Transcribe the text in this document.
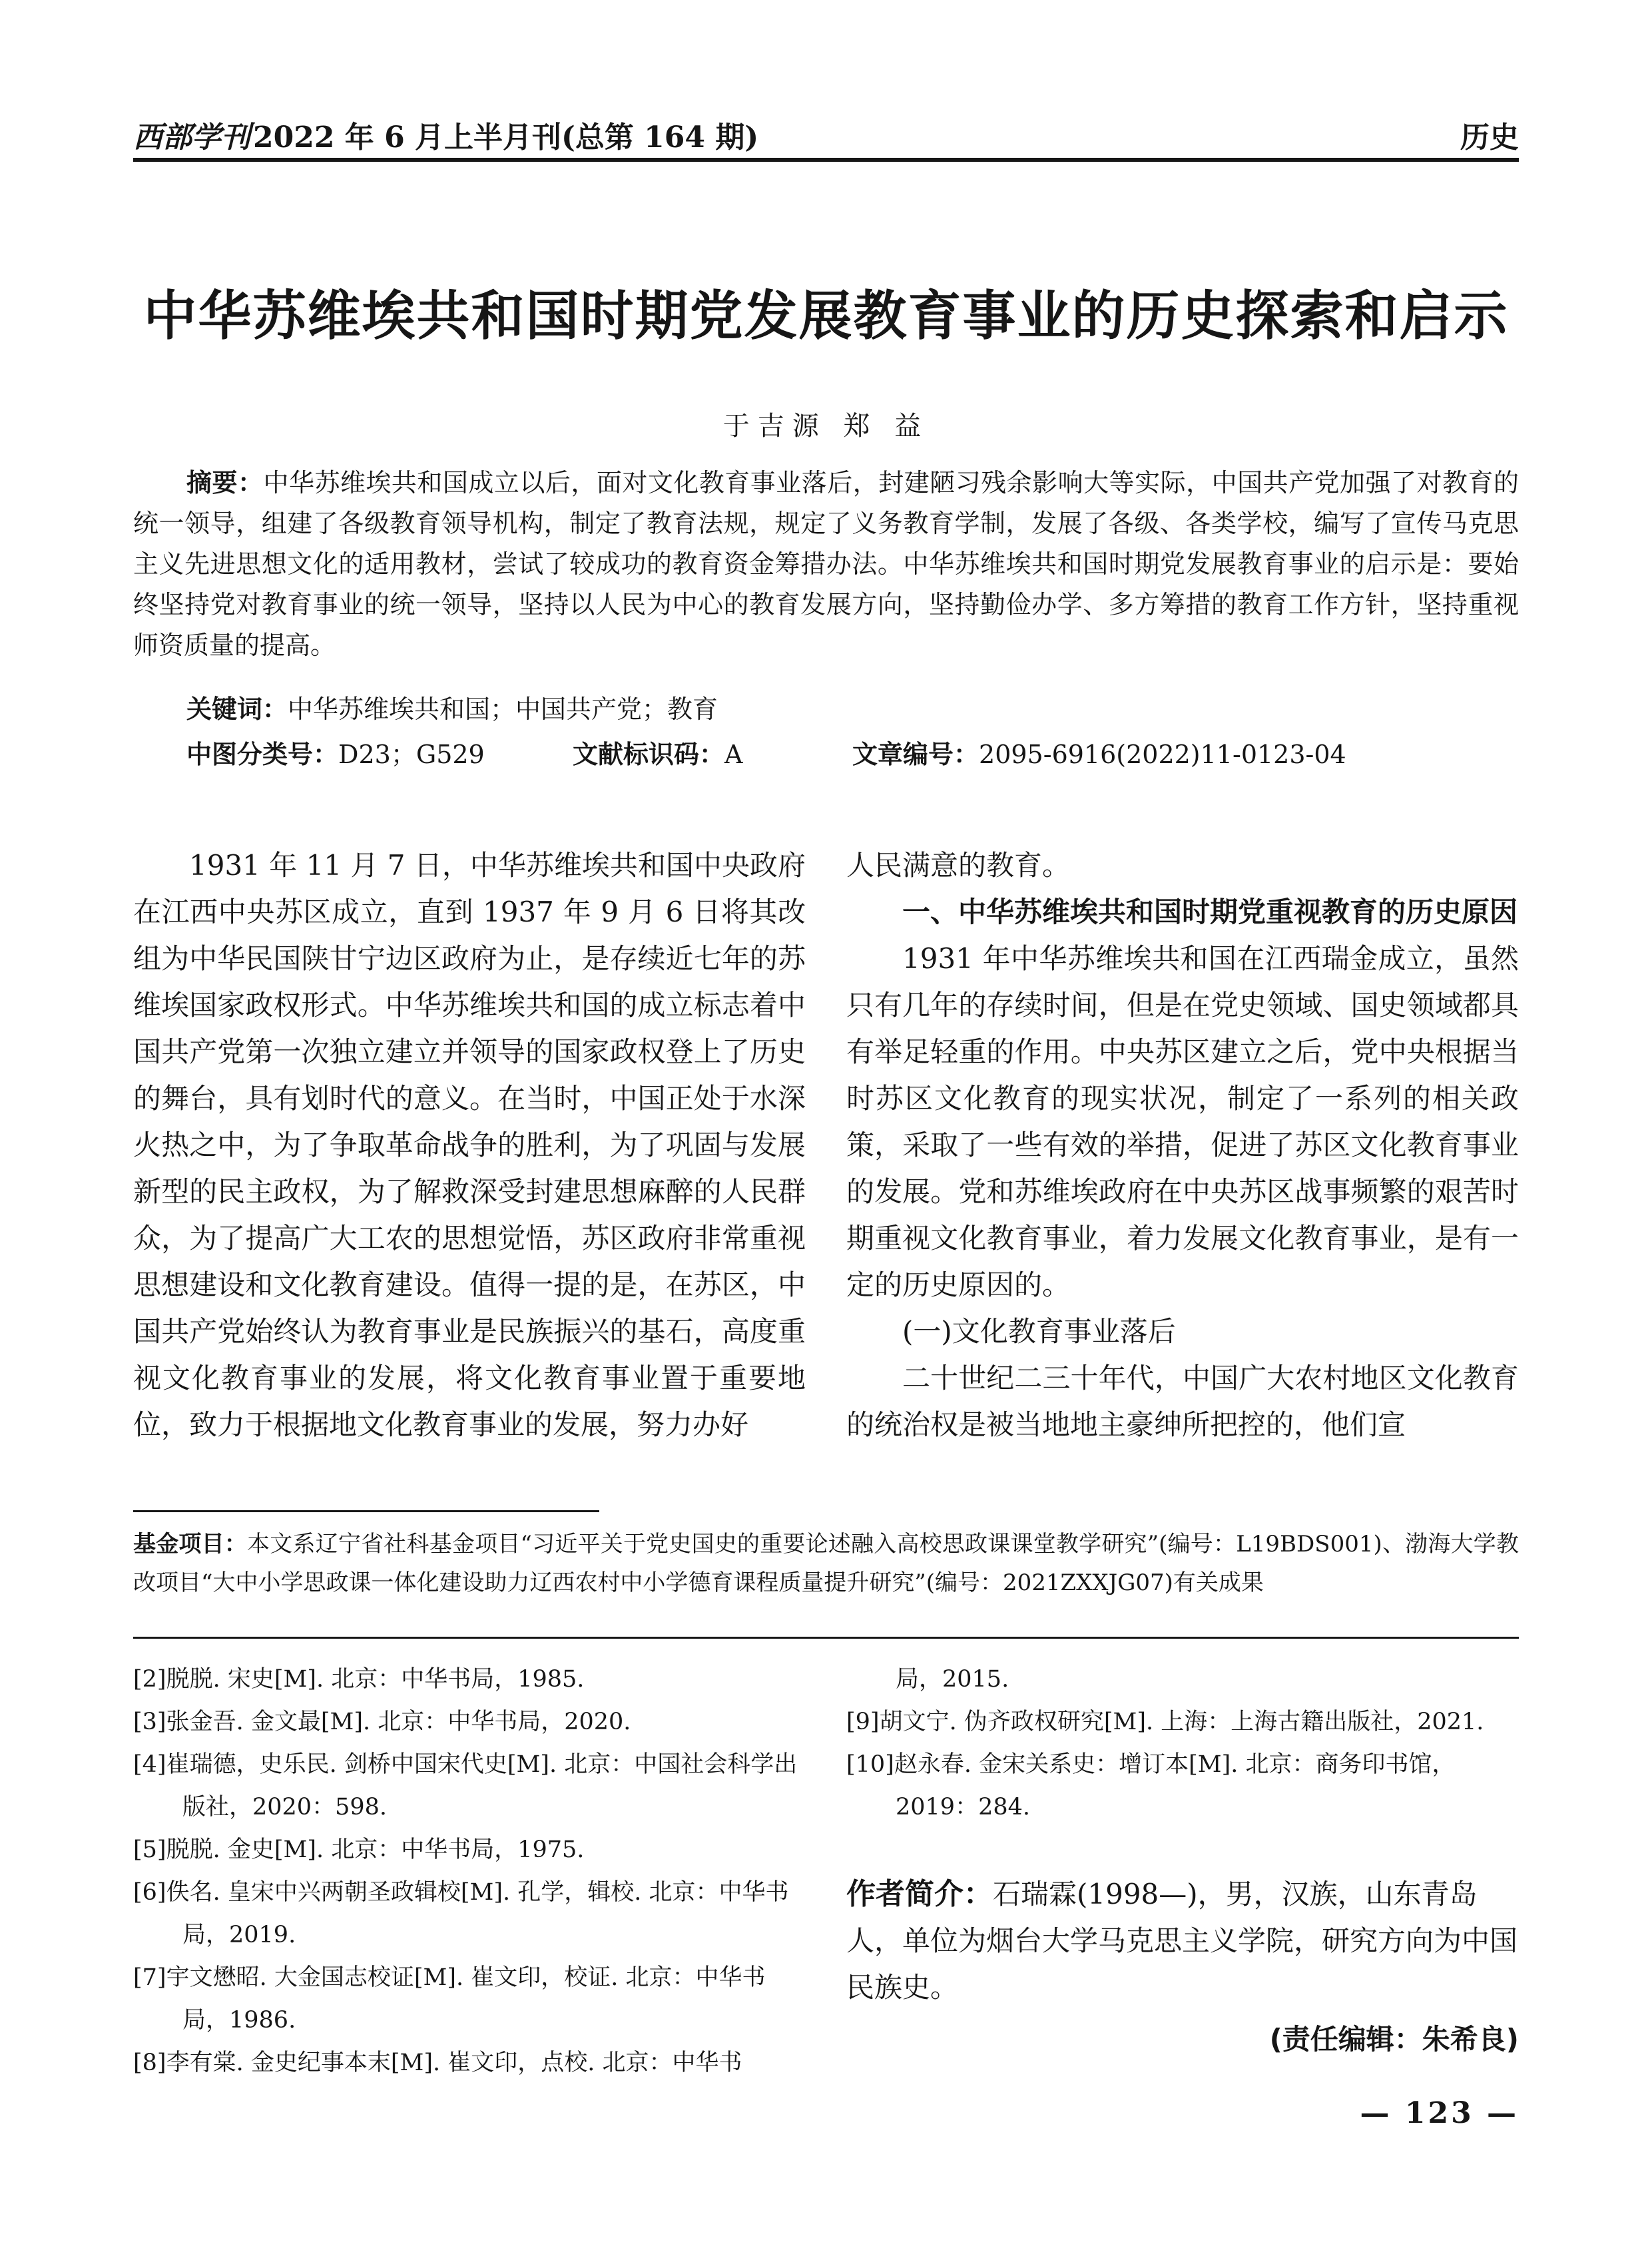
西部学刊2022 年 6 月上半月刊(总第 164 期)	历史
中华苏维埃共和国时期党发展教育事业的历史探索和启示
于吉源 郑 益

摘要：中华苏维埃共和国成立以后，面对文化教育事业落后，封建陋习残余影响大等实际，中国共产党加强了对教育的统一领导，组建了各级教育领导机构，制定了教育法规，规定了义务教育学制，发展了各级、各类学校，编写了宣传马克思主义先进思想文化的适用教材，尝试了较成功的教育资金筹措办法。中华苏维埃共和国时期党发展教育事业的启示是：要始终坚持党对教育事业的统一领导，坚持以人民为中心的教育发展方向，坚持勤俭办学、多方筹措的教育工作方针，坚持重视师资质量的提高。

关键词：中华苏维埃共和国；中国共产党；教育
中图分类号：D23；G529	文献标识码：A	文章编号：2095-6916(2022)11-0123-04

1931 年 11 月 7 日，中华苏维埃共和国中央政府在江西中央苏区成立，直到 1937 年 9 月 6 日将其改组为中华民国陕甘宁边区政府为止，是存续近七年的苏维埃国家政权形式。中华苏维埃共和国的成立标志着中国共产党第一次独立建立并领导的国家政权登上了历史的舞台，具有划时代的意义。在当时，中国正处于水深火热之中，为了争取革命战争的胜利，为了巩固与发展新型的民主政权，为了解救深受封建思想麻醉的人民群众，为了提高广大工农的思想觉悟，苏区政府非常重视思想建设和文化教育建设。值得一提的是，在苏区，中国共产党始终认为教育事业是民族振兴的基石，高度重视文化教育事业的发展，将文化教育事业置于重要地位，致力于根据地文化教育事业的发展，努力办好

人民满意的教育。

一、中华苏维埃共和国时期党重视教育的历史原因

1931 年中华苏维埃共和国在江西瑞金成立，虽然只有几年的存续时间，但是在党史领域、国史领域都具有举足轻重的作用。中央苏区建立之后，党中央根据当时苏区文化教育的现实状况，制定了一系列的相关政策，采取了一些有效的举措，促进了苏区文化教育事业的发展。党和苏维埃政府在中央苏区战事频繁的艰苦时期重视文化教育事业，着力发展文化教育事业，是有一定的历史原因的。

(一)文化教育事业落后

二十世纪二三十年代，中国广大农村地区文化教育的统治权是被当地地主豪绅所把控的，他们宣

基金项目：本文系辽宁省社科基金项目“习近平关于党史国史的重要论述融入高校思政课课堂教学研究”(编号：L19BDS001)、渤海大学教改项目“大中小学思政课一体化建设助力辽西农村中小学德育课程质量提升研究”(编号：2021ZXXJG07)有关成果

[2]脱脱. 宋史[M]. 北京：中华书局，1985.

[3]张金吾. 金文最[M]. 北京：中华书局，2020.

[4]崔瑞德，史乐民. 剑桥中国宋代史[M]. 北京：中国社会科学出版社，2020：598.

[5]脱脱. 金史[M]. 北京：中华书局，1975.

[6]佚名. 皇宋中兴两朝圣政辑校[M]. 孔学，辑校. 北京：中华书局，2019.

[7]宇文懋昭. 大金国志校证[M]. 崔文印，校证. 北京：中华书局，1986.

[8]李有棠. 金史纪事本末[M]. 崔文印，点校. 北京：中华书

局，2015.

[9]胡文宁. 伪齐政权研究[M]. 上海：上海古籍出版社，2021.

[10]赵永春. 金宋关系史：增订本[M]. 北京：商务印书馆，2019：284.

作者简介：石瑞霖(1998—)，男，汉族，山东青岛人，单位为烟台大学马克思主义学院，研究方向为中国民族史。
(责任编辑：朱希良)
— 123 —
